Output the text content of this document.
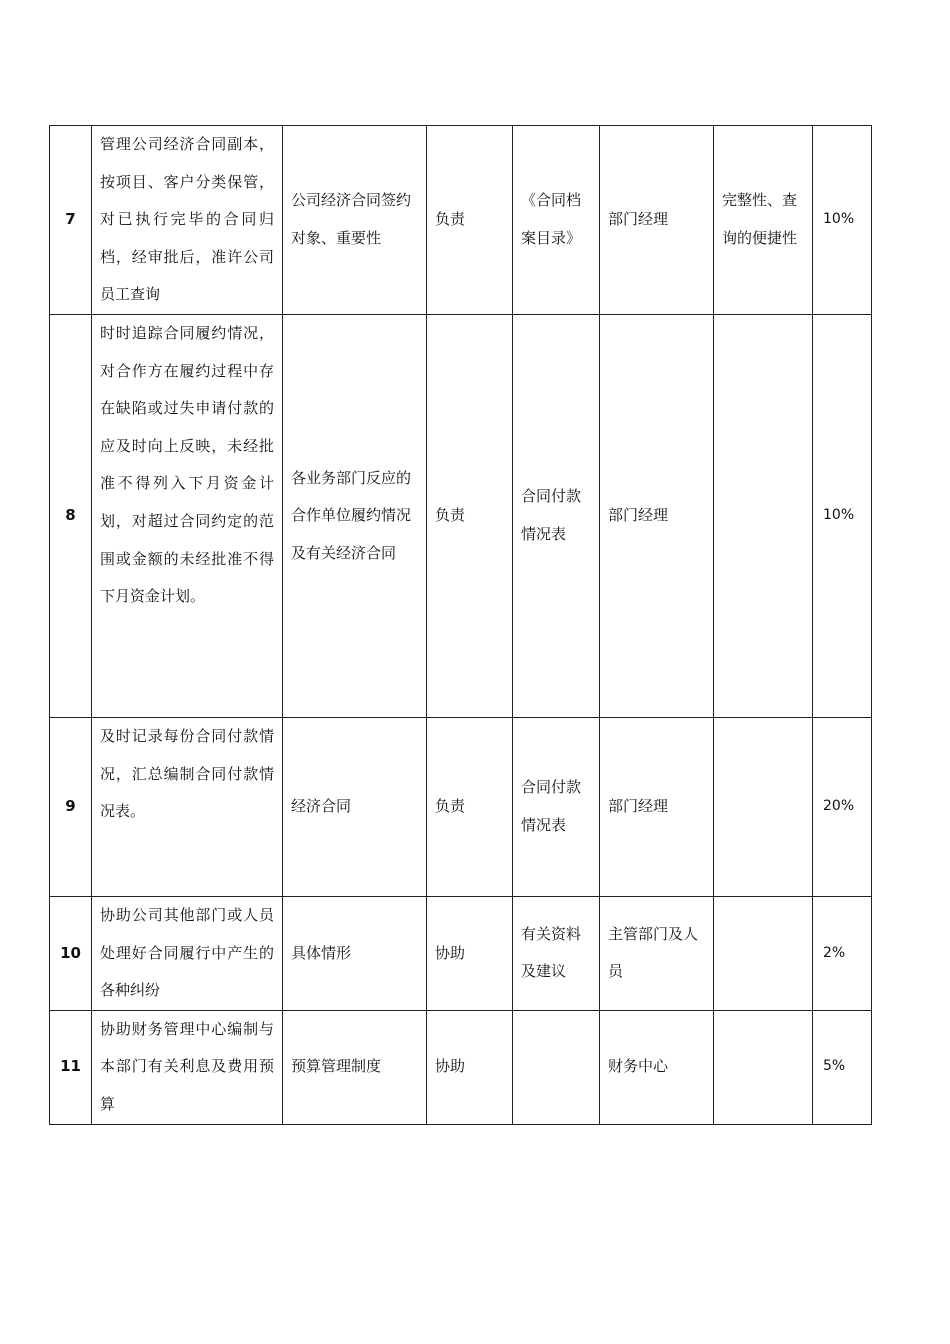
7	管理公司经济合同副本，按项目、客户分类保管，对已执行完毕的合同归档，经审批后，准许公司员工查询	公司经济合同签约对象、重要性	负责	《合同档案目录》	部门经理	完整性、查询的便捷性	10%
8	时时追踪合同履约情况，对合作方在履约过程中存在缺陷或过失申请付款的应及时向上反映，未经批准不得列入下月资金计划，对超过合同约定的范围或金额的未经批准不得下月资金计划。	各业务部门反应的合作单位履约情况及有关经济合同	负责	合同付款情况表	部门经理		10%
9	及时记录每份合同付款情况，汇总编制合同付款情况表。	经济合同	负责	合同付款情况表	部门经理		20%
10	协助公司其他部门或人员处理好合同履行中产生的各种纠纷	具体情形	协助	有关资料及建议	主管部门及人员		2%
11	协助财务管理中心编制与本部门有关利息及费用预算	预算管理制度	协助		财务中心		5%
